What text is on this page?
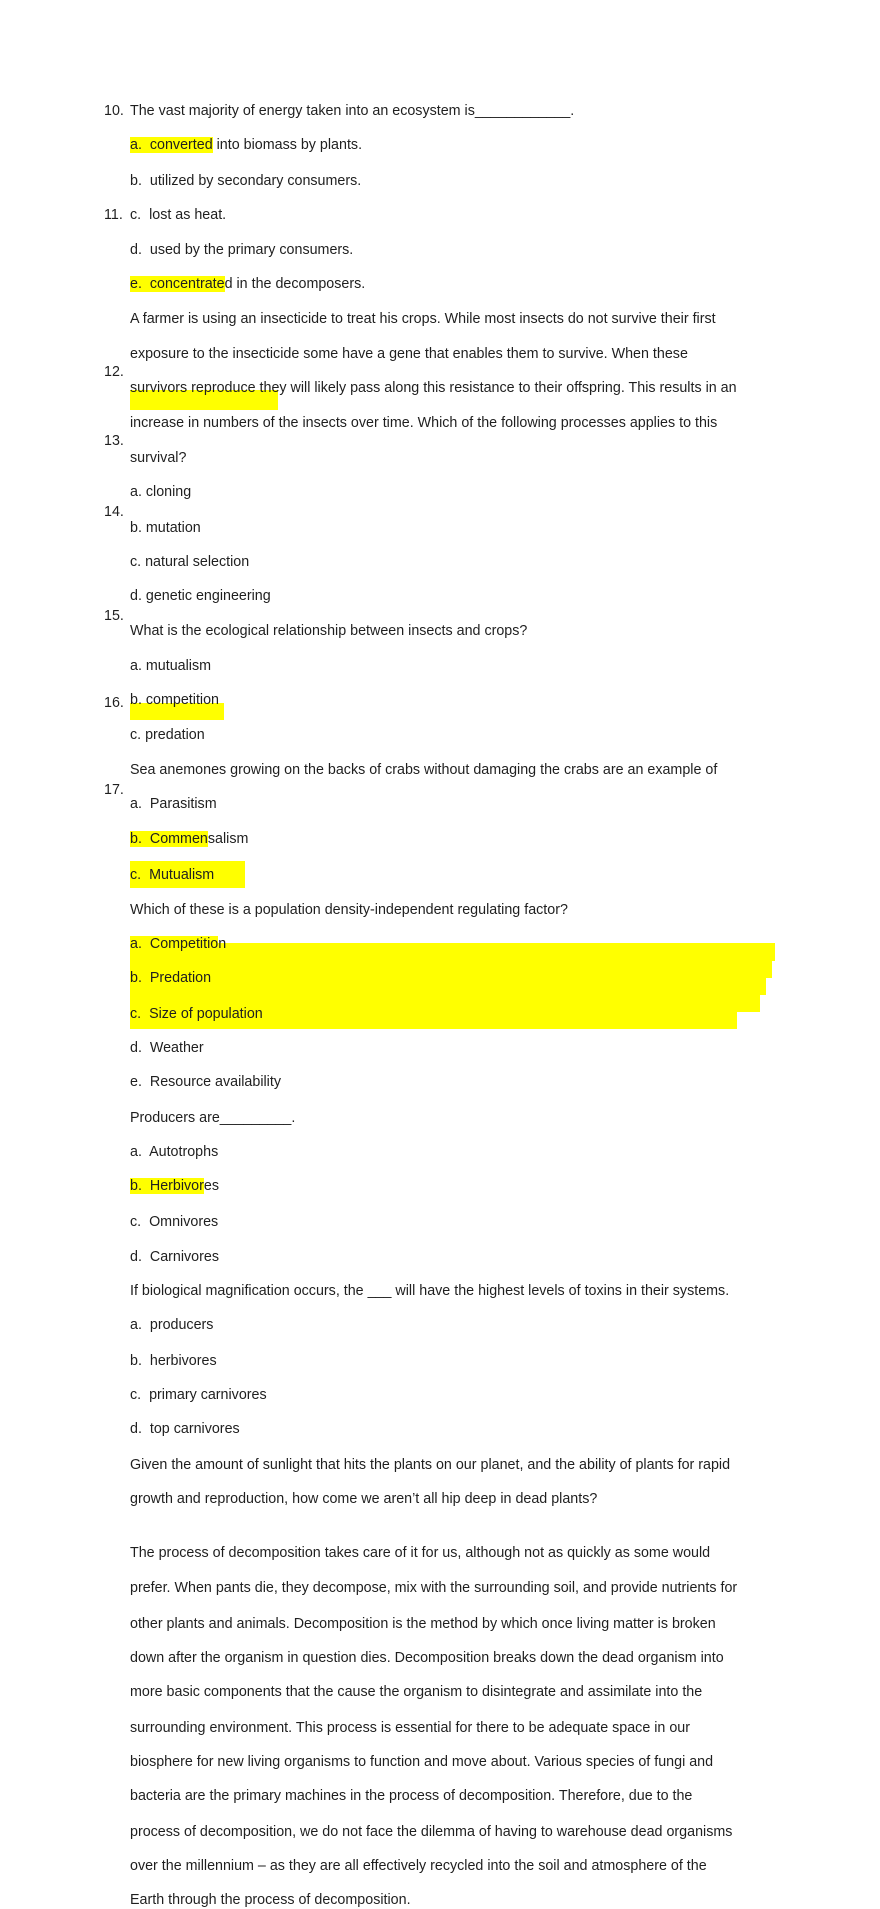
10. The vast majority of energy taken into an ecosystem is____________.
a.  converted into biomass by plants.
b.  utilized by secondary consumers.
c.  lost as heat.
d.  used by the primary consumers.
e.  concentrated in the decomposers.
11.
A farmer is using an insecticide to treat his crops. While most insects do not survive their first
exposure to the insecticide some have a gene that enables them to survive. When these
survivors reproduce they will likely pass along this resistance to their offspring. This results in an
increase in numbers of the insects over time. Which of the following processes applies to this
survival?
a. cloning
b. mutation
c. natural selection
d. genetic engineering
12.
What is the ecological relationship between insects and crops?
a. mutualism
b. competition
c. predation
13.
Sea anemones growing on the backs of crabs without damaging the crabs are an example of
a.  Parasitism
b.  Commensalism
c.  Mutualism
14.
Which of these is a population density-independent regulating factor?
a.  Competition
b.  Predation
c.  Size of population
d.  Weather
e.  Resource availability
15.
Producers are_________.
a.  Autotrophs
b.  Herbivores
c.  Omnivores
d.  Carnivores
16.
If biological magnification occurs, the ___ will have the highest levels of toxins in their systems.
a.  producers
b.  herbivores
c.  primary carnivores
d.  top carnivores
17.
Given the amount of sunlight that hits the plants on our planet, and the ability of plants for rapid
growth and reproduction, how come we aren’t all hip deep in dead plants?
The process of decomposition takes care of it for us, although not as quickly as some would
prefer. When pants die, they decompose, mix with the surrounding soil, and provide nutrients for
other plants and animals. Decomposition is the method by which once living matter is broken
down after the organism in question dies. Decomposition breaks down the dead organism into
more basic components that the cause the organism to disintegrate and assimilate into the
surrounding environment. This process is essential for there to be adequate space in our
biosphere for new living organisms to function and move about. Various species of fungi and
bacteria are the primary machines in the process of decomposition. Therefore, due to the
process of decomposition, we do not face the dilemma of having to warehouse dead organisms
over the millennium – as they are all effectively recycled into the soil and atmosphere of the
Earth through the process of decomposition.
